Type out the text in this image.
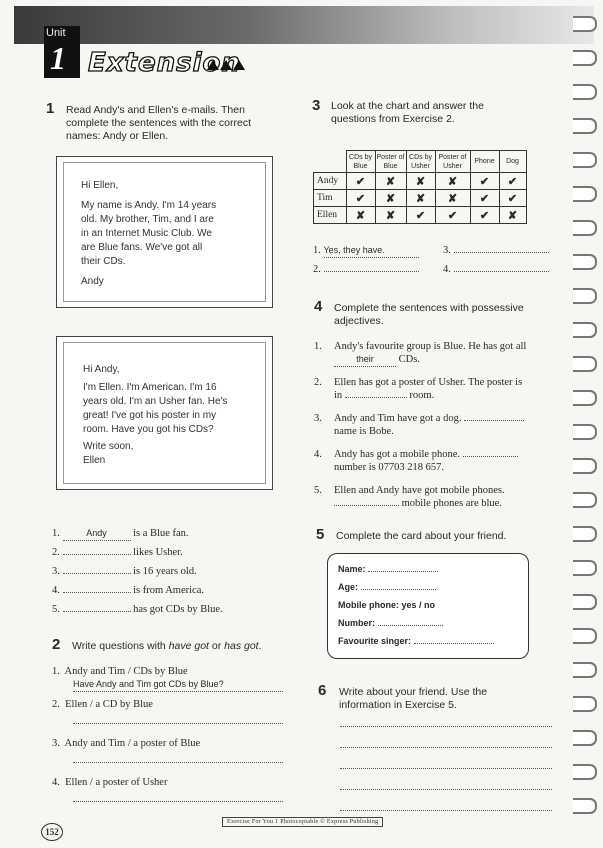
Unit
1 Extension
1 Read Andy's and Ellen's e-mails. Then
complete the sentences with the correct
names: Andy or Ellen.
Hi Ellen,
My name is Andy. I'm 14 years
old. My brother, Tim, and I are
in an Internet Music Club. We
are Blue fans. We've got all
their CDs.
Andy
Hi Andy,
I'm Ellen. I'm American. I'm 16
years old. I'm an Usher fan. He's
great! I've got his poster in my
room. Have you got his CDs?
Write soon,
Ellen
1.	Andy	is a Blue fan.
2.	likes Usher.
3.	is 16 years old.
4.	is from America.
5.	has got CDs by Blue.
2 Write questions with have got or has got.
1. Andy and Tim / CDs by Blue
Have Andy and Tim got CDs by Blue?
2. Ellen / a CD by Blue
3. Andy and Tim / a poster of Blue
4. Ellen / a poster of Usher
3 Look at the chart and answer the
questions from Exercise 2.
	CDs by Blue	Poster of Blue	CDs by Usher	Poster of Usher	Phone	Dog
Andy	✔	✘	✘	✘	✔	✔
Tim	✔	✘	✘	✘	✔	✔
Ellen	✘	✘	✔	✔	✔	✘
1. Yes, they have.	3.
2.	4.
4 Complete the sentences with possessive
adjectives.
1.	Andy's favourite group is Blue. He has got all
their CDs.
2.	Ellen has got a poster of Usher. The poster is
in	room.
3.	Andy and Tim have got a dog.
name is Bobe.
4.	Andy has got a mobile phone.
number is 07703 218 657.
5.	Ellen and Andy have got mobile phones.
mobile phones are blue.
5 Complete the card about your friend.
Name:
Age:
Mobile phone: yes / no
Number:
Favourite singer:
6 Write about your friend. Use the
information in Exercise 5.
152
Exercise For You 1 Photocopiable © Express Publishing
